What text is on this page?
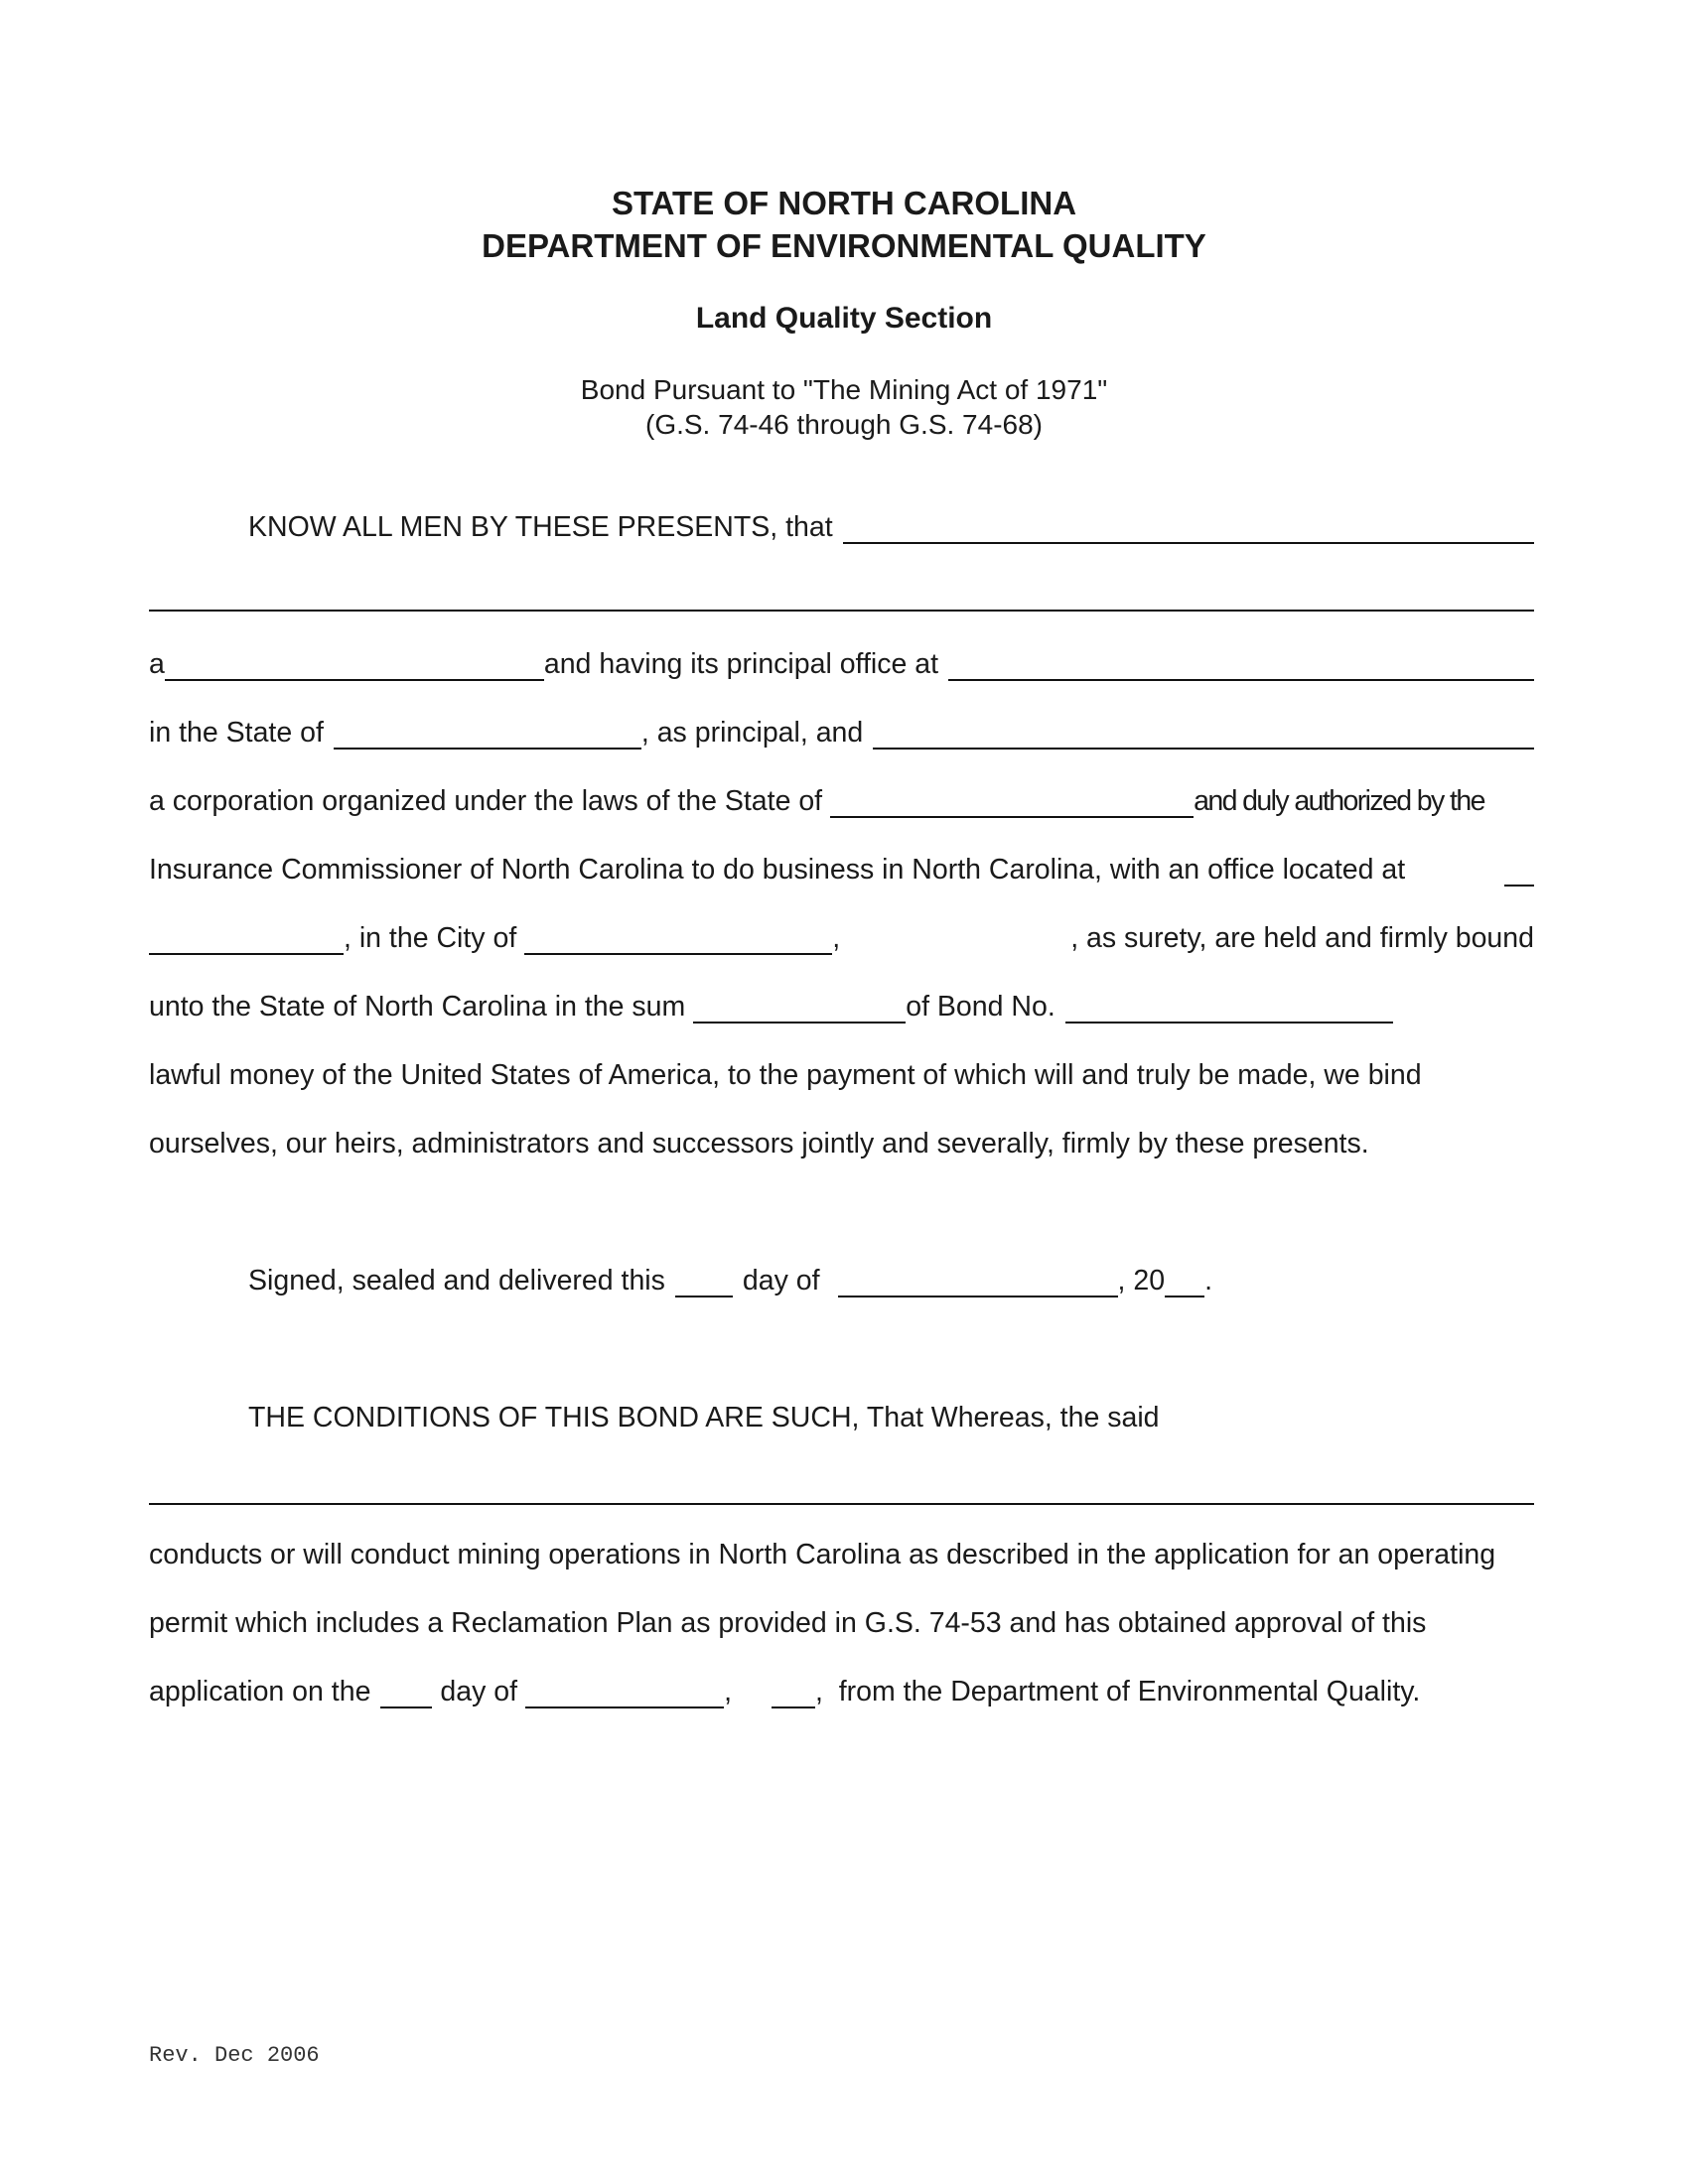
STATE OF NORTH CAROLINA
DEPARTMENT OF ENVIRONMENTAL QUALITY
Land Quality Section
Bond Pursuant to "The Mining Act of 1971"
(G.S. 74-46 through G.S. 74-68)
KNOW ALL MEN BY THESE PRESENTS, that
a	and having its principal office at
in the State of	, as principal, and
a corporation organized under the laws of the State of	and duly authorized by the
Insurance Commissioner of North Carolina to do business in North Carolina, with an office located at
, in the City of	,	, as surety, are held and firmly bound
unto the State of North Carolina in the sum	of Bond No.
lawful money of the United States of America, to the payment of which will and truly be made, we bind
ourselves, our heirs, administrators and successors jointly and severally, firmly by these presents.
Signed, sealed and delivered this	day of	, 20 .
THE CONDITIONS OF THIS BOND ARE SUCH, That Whereas, the said
conducts or will conduct mining operations in North Carolina as described in the application for an operating
permit which includes a Reclamation Plan as provided in G.S. 74-53 and has obtained approval of this
application on the day of	,	,  from the Department of Environmental Quality.
Rev. Dec 2006
